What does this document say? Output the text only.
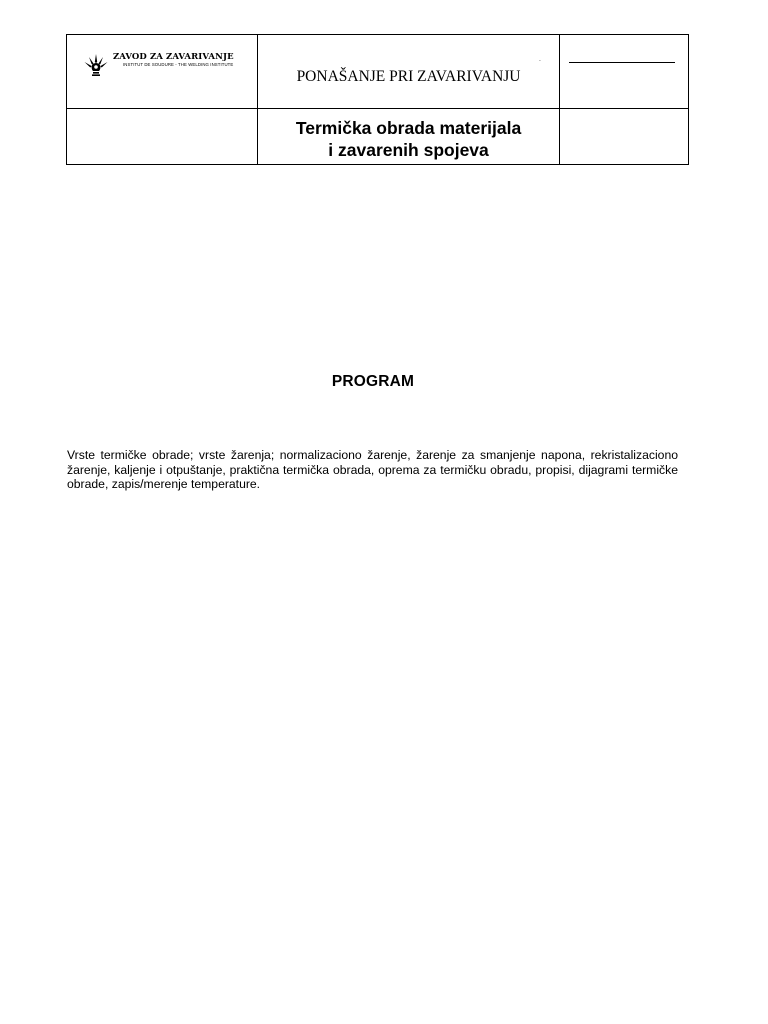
ZAVOD ZA ZAVARIVANJE
INSTITUT DE SOUDURE - THE WELDING INSTITUTE	.
PONAŠANJE PRI ZAVARIVANJU	

	Termička obrada materijala
i zavarenih spojeva	

PROGRAM

Vrste termičke obrade; vrste žarenja; normalizaciono žarenje, žarenje za smanjenje napona, rekristalizaciono žarenje, kaljenje i otpuštanje, praktična termička obrada, oprema za termičku obradu, propisi, dijagrami termičke obrade, zapis/merenje temperature.
